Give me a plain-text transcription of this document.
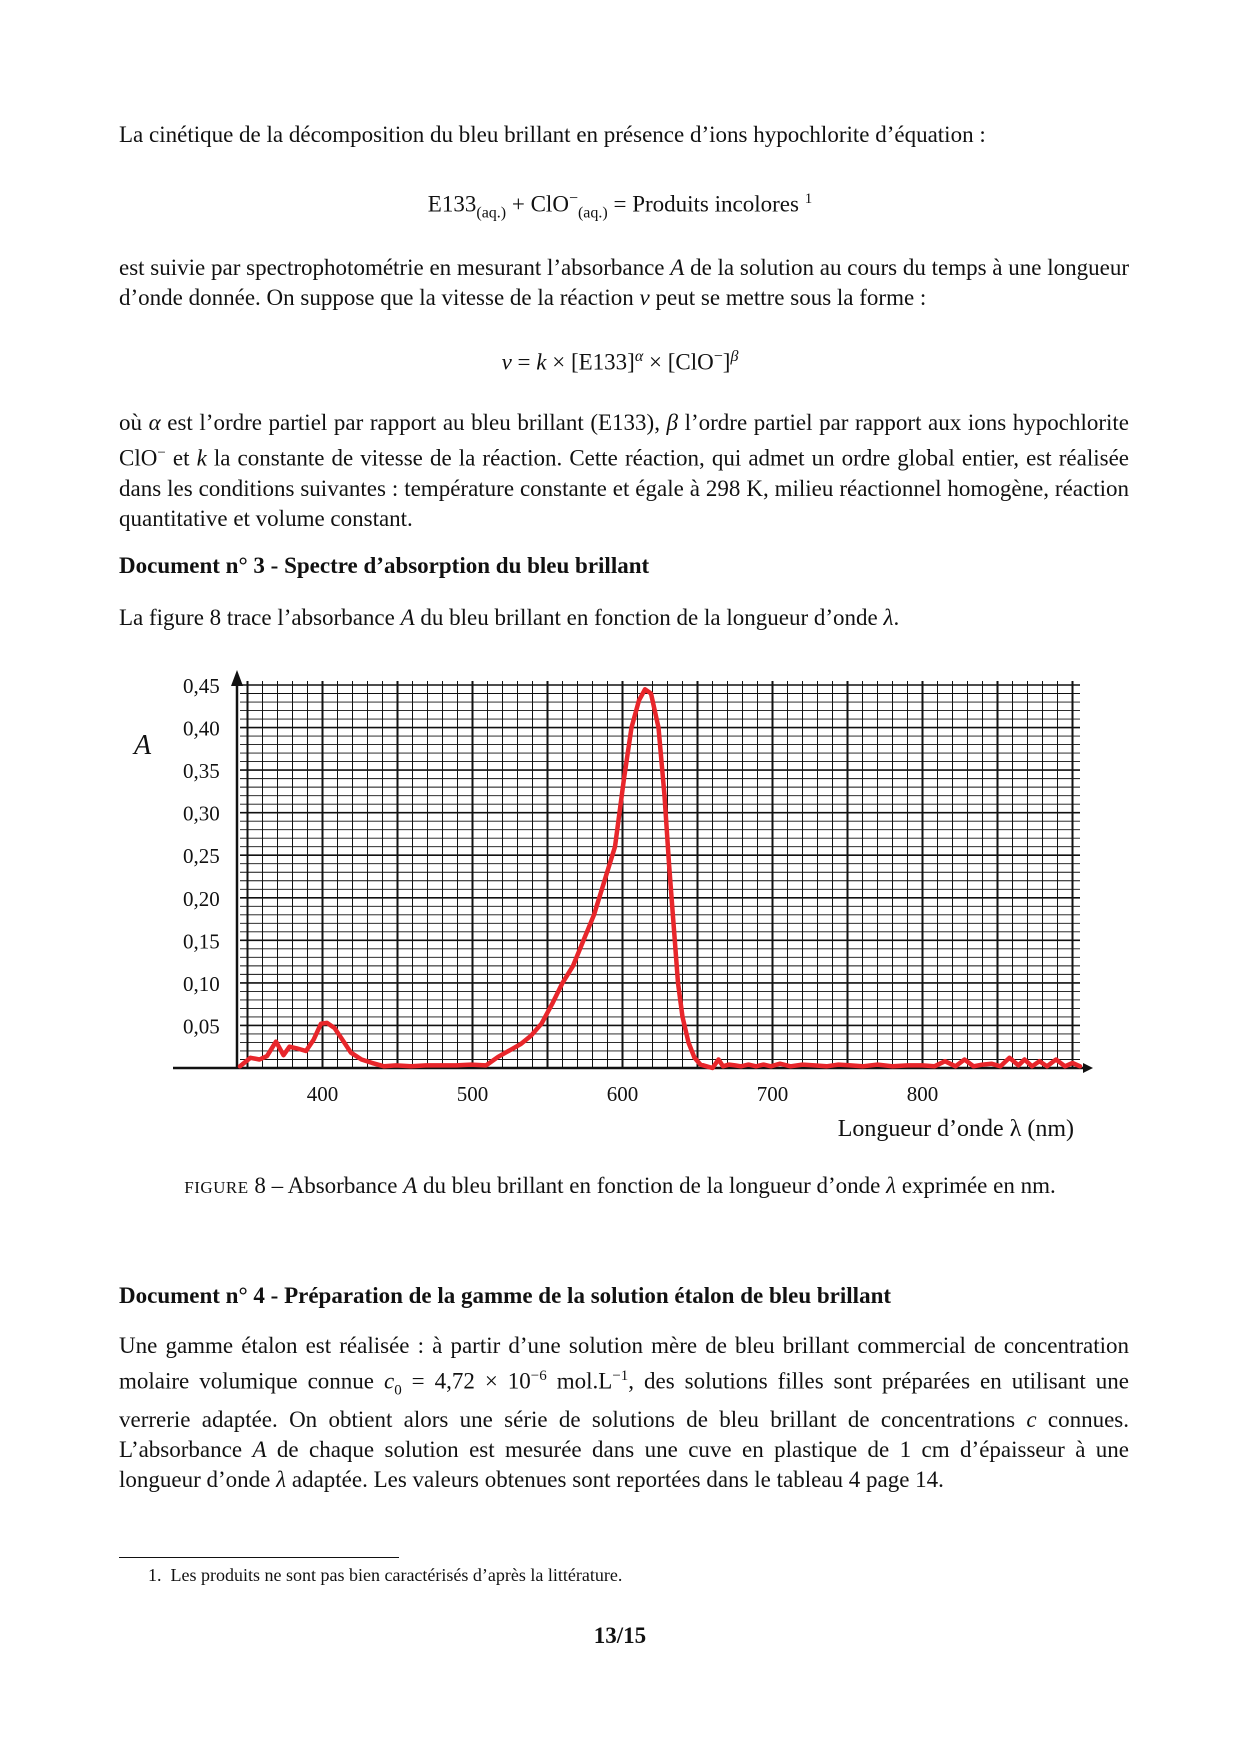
La cinétique de la décomposition du bleu brillant en présence d’ions hypochlorite d’équation :

$E133_{(aq.)} + ClO^-_{(aq.)}$ = Produits incolores $^1$

est suivie par spectrophotométrie en mesurant l’absorbance A de la solution au cours du temps à une longueur d’onde donnée. On suppose que la vitesse de la réaction v peut se mettre sous la forme :

$v = k \times [E133]^\alpha \times [ClO^-]^\beta$

où α est l’ordre partiel par rapport au bleu brillant (E133), β l’ordre partiel par rapport aux ions hypochlorite ClO− et k la constante de vitesse de la réaction. Cette réaction, qui admet un ordre global entier, est réalisée dans les conditions suivantes : température constante et égale à 298 K, milieu réactionnel homogène, réaction quantitative et volume constant.

Document n° 3 - Spectre d’absorption du bleu brillant

La figure 8 trace l’absorbance A du bleu brillant en fonction de la longueur d’onde λ.

0,05
0,10
0,15
0,20
0,25
0,30
0,35
0,40
0,45
400	500	600	700	800
A
Longueur d’onde λ (nm)

FIGURE 8 – Absorbance A du bleu brillant en fonction de la longueur d’onde λ exprimée en nm.

Document n° 4 - Préparation de la gamme de la solution étalon de bleu brillant

Une gamme étalon est réalisée : à partir d’une solution mère de bleu brillant commercial de concentration molaire volumique connue $c_0 = 4,72 \times 10^{-6}$ $mol.L^{-1}$, des solutions filles sont préparées en utilisant une verrerie adaptée. On obtient alors une série de solutions de bleu brillant de concentrations c connues. L’absorbance A de chaque solution est mesurée dans une cuve en plastique de 1 cm d’épaisseur à une longueur d’onde λ adaptée. Les valeurs obtenues sont reportées dans le tableau 4 page 14.

1. Les produits ne sont pas bien caractérisés d’après la littérature.

13/15
